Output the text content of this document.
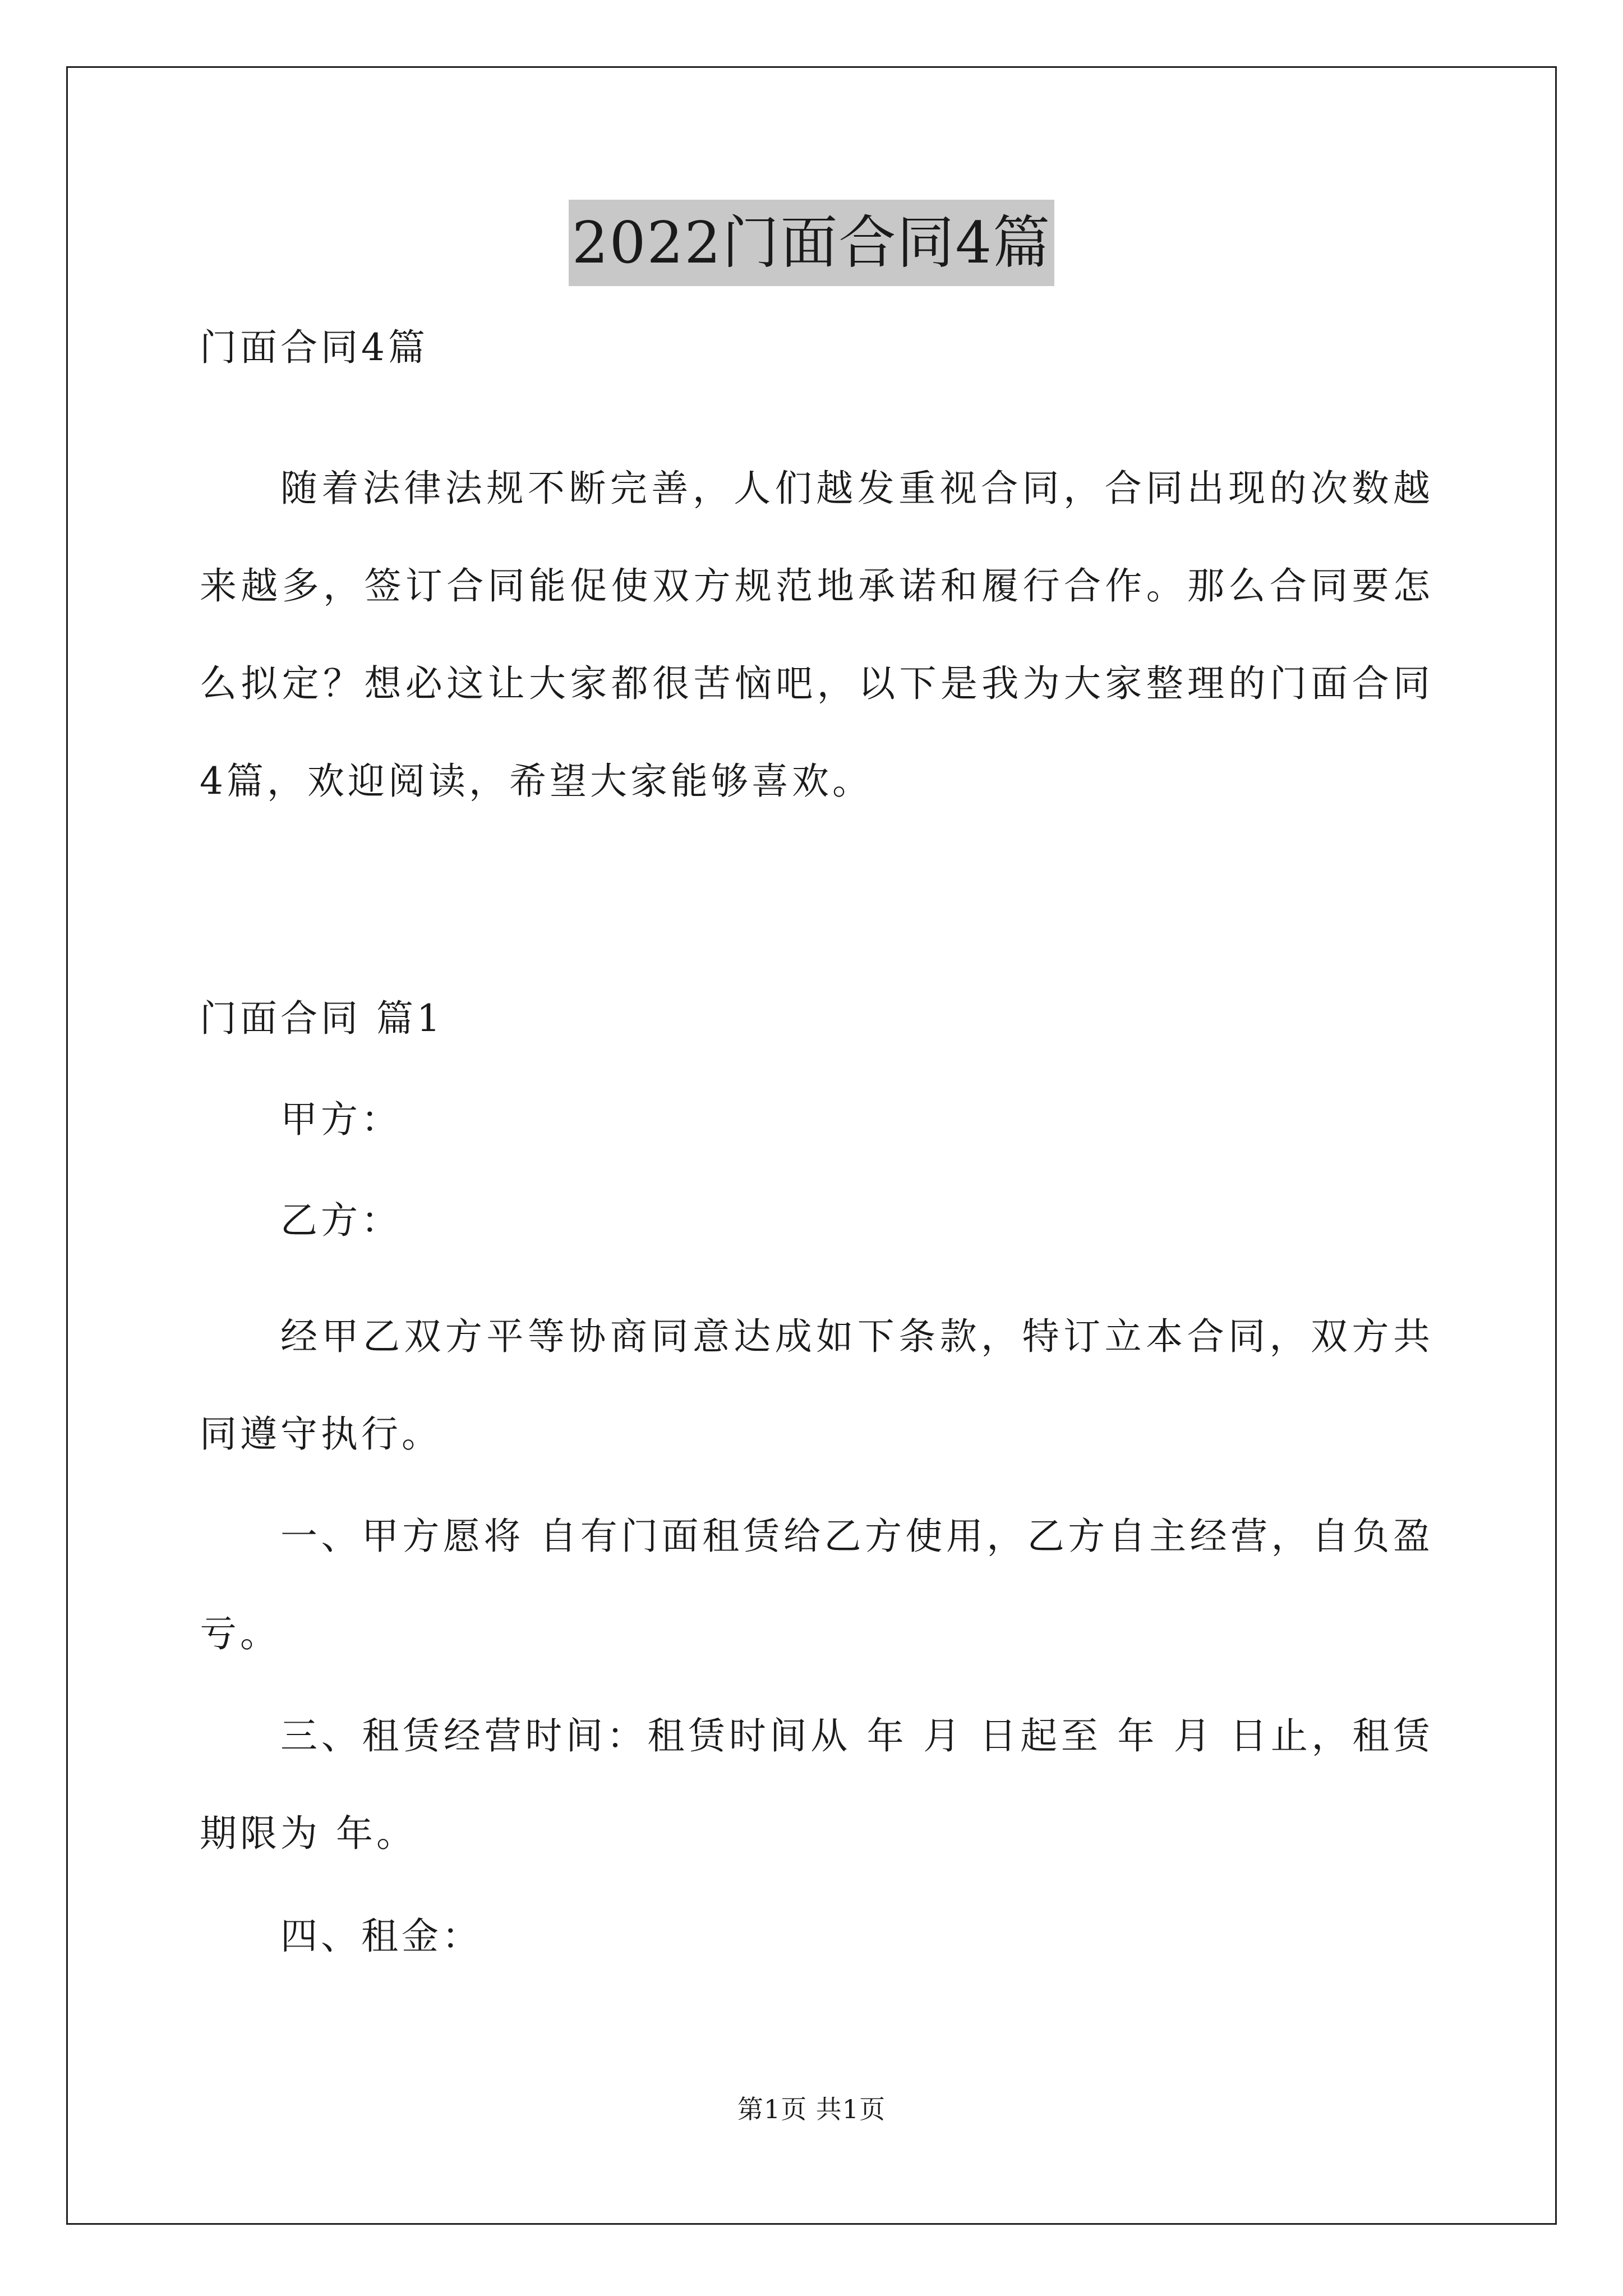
2022门面合同4篇

门面合同4篇

随着法律法规不断完善，人们越发重视合同，合同出现的次数越来越多，签订合同能促使双方规范地承诺和履行合作。那么合同要怎么拟定？想必这让大家都很苦恼吧，以下是我为大家整理的门面合同4篇，欢迎阅读，希望大家能够喜欢。

门面合同 篇1

甲方：

乙方：

经甲乙双方平等协商同意达成如下条款，特订立本合同，双方共同遵守执行。

一、甲方愿将 自有门面租赁给乙方使用，乙方自主经营，自负盈亏。

三、租赁经营时间：租赁时间从 年 月 日起至 年 月 日止，租赁期限为 年。

四、租金：

第1页 共1页
